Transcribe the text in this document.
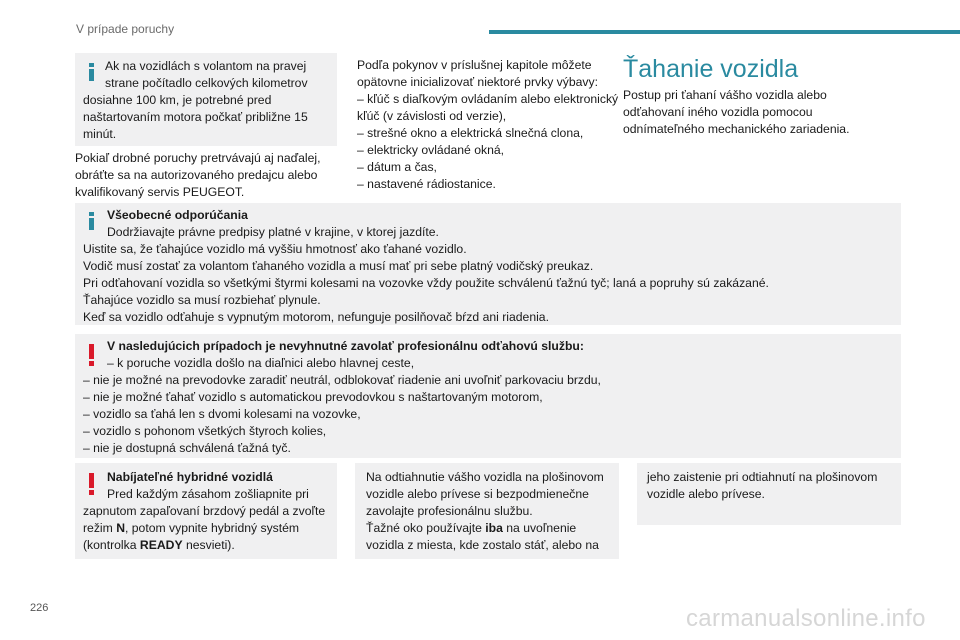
V prípade poruchy
Ak na vozidlách s volantom na pravej
strane počítadlo celkových kilometrov
dosiahne 100 km, je potrebné pred
naštartovaním motora počkať približne 15
minút.
Pokiaľ drobné poruchy pretrvávajú aj naďalej,
obráťte sa na autorizovaného predajcu alebo
kvalifikovaný servis PEUGEOT.
Podľa pokynov v príslušnej kapitole môžete
opätovne inicializovať niektoré prvky výbavy:
– kľúč s diaľkovým ovládaním alebo elektronický
kľúč (v závislosti od verzie),
– strešné okno a elektrická slnečná clona,
– elektricky ovládané okná,
– dátum a čas,
– nastavené rádiostanice.
Ťahanie vozidla
Postup pri ťahaní vášho vozidla alebo
odťahovaní iného vozidla pomocou
odnímateľného mechanického zariadenia.
Všeobecné odporúčania
Dodržiavajte právne predpisy platné v krajine, v ktorej jazdíte.
Uistite sa, že ťahajúce vozidlo má vyššiu hmotnosť ako ťahané vozidlo.
Vodič musí zostať za volantom ťahaného vozidla a musí mať pri sebe platný vodičský preukaz.
Pri odťahovaní vozidla so všetkými štyrmi kolesami na vozovke vždy použite schválenú ťažnú tyč; laná a popruhy sú zakázané.
Ťahajúce vozidlo sa musí rozbiehať plynule.
Keď sa vozidlo odťahuje s vypnutým motorom, nefunguje posilňovač bŕzd ani riadenia.
V nasledujúcich prípadoch je nevyhnutné zavolať profesionálnu odťahovú službu:
– k poruche vozidla došlo na diaľnici alebo hlavnej ceste,
– nie je možné na prevodovke zaradiť neutrál, odblokovať riadenie ani uvoľniť parkovaciu brzdu,
– nie je možné ťahať vozidlo s automatickou prevodovkou s naštartovaným motorom,
– vozidlo sa ťahá len s dvomi kolesami na vozovke,
– vozidlo s pohonom všetkých štyroch kolies,
– nie je dostupná schválená ťažná tyč.
Nabíjateľné hybridné vozidlá
Pred každým zásahom zošliapnite pri
zapnutom zapaľovaní brzdový pedál a zvoľte
režim N, potom vypnite hybridný systém
(kontrolka READY nesvieti).
Na odtiahnutie vášho vozidla na plošinovom
vozidle alebo prívese si bezpodmienečne
zavolajte profesionálnu službu.
Ťažné oko používajte iba na uvoľnenie
vozidla z miesta, kde zostalo stáť, alebo na
jeho zaistenie pri odtiahnutí na plošinovom
vozidle alebo prívese.
226	carmanualsonline.info
